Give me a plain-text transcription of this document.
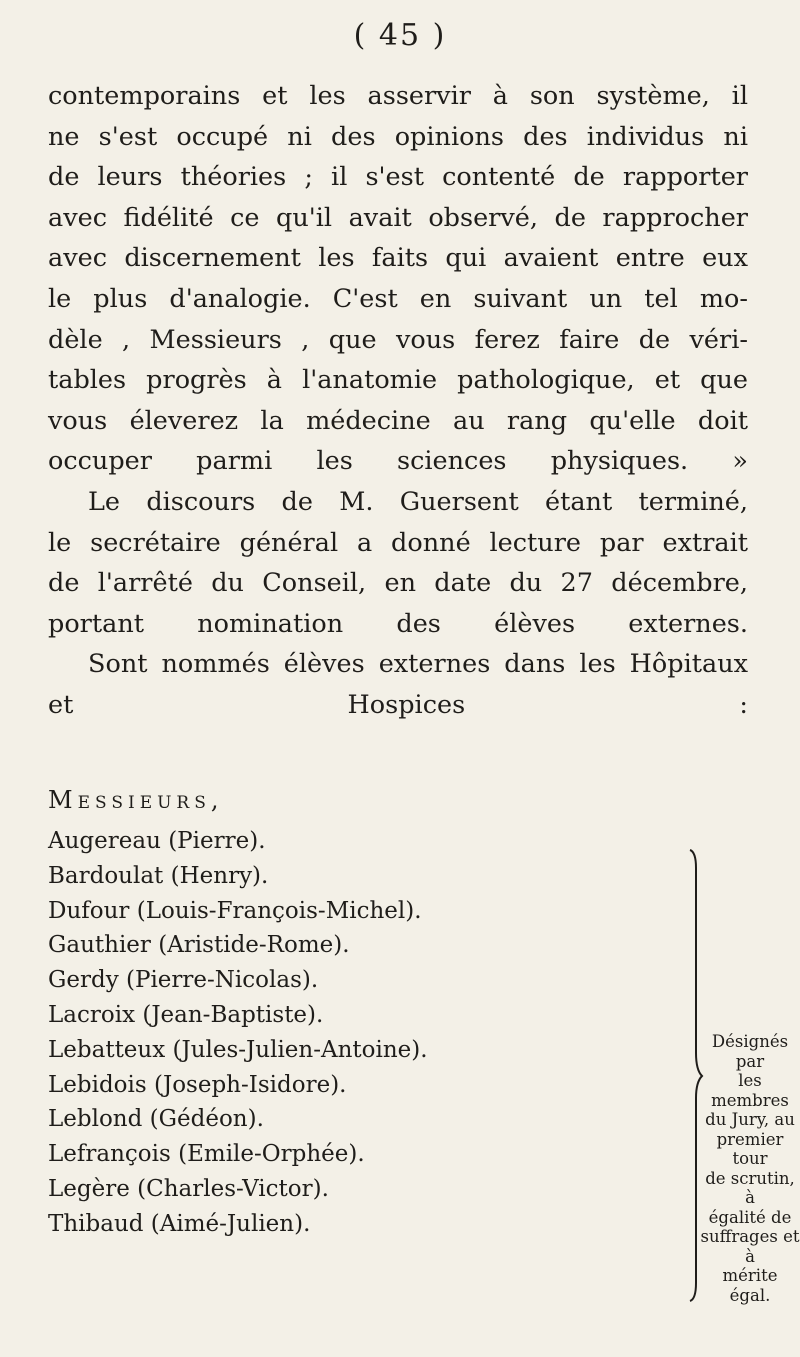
( 45 )

contemporains et les asservir à son système, il
ne s'est occupé ni des opinions des individus ni
de leurs théories ; il s'est contenté de rapporter
avec fidélité ce qu'il avait observé, de rapprocher
avec discernement les faits qui avaient entre eux
le plus d'analogie. C'est en suivant un tel mo-
dèle , Messieurs , que vous ferez faire de véri-
tables progrès à l'anatomie pathologique, et que
vous éleverez la médecine au rang qu'elle doit
occuper parmi les sciences physiques. »

Le discours de M. Guersent étant terminé,
le secrétaire général a donné lecture par extrait
de l'arrêté du Conseil, en date du 27 décembre,
portant nomination des élèves externes.

Sont nommés élèves externes dans les Hôpitaux
et Hospices :

Messieurs,
Augereau (Pierre).
Bardoulat (Henry).
Dufour (Louis-François-Michel).
Gauthier (Aristide-Rome).
Gerdy (Pierre-Nicolas).
Lacroix (Jean-Baptiste).
Lebatteux (Jules-Julien-Antoine).
Lebidois (Joseph-Isidore).
Leblond (Gédéon).
Lefrançois (Emile-Orphée).
Legère (Charles-Victor).
Thibaud (Aimé-Julien).
Désignés par
les membres
du Jury, au
premier tour
de scrutin, à
égalité de
suffrages et à
mérite égal.
